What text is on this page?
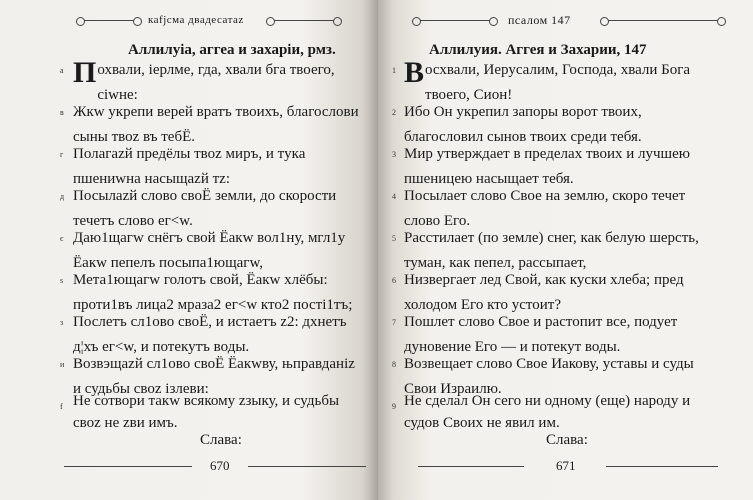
каfjсма двадесатаz
Аллилyіа, аггеа и захаріи, рмз.
а Похвали, іерлме, гда, хвали бга твоего, сіwне:
в Жкw укрепи верей вратъ твоихъ, благослови сыны твоz въ тебЁ.
г Полагazй предёлы твоz миръ, и тyка пшениwна насыщazй тz:
д Посылazй слово своЁ земли, до скорости течетъ слово ег<w.
є Даю1щагw снёгъ свой Ёакw вол1ну, мгл1у Ёакw пепелъ посыпа1ющагw,
ѕ Мета1ющагw голотъ свой, Ёакw хлёбы: проти1въ лица2 мраза2 ег<w кто2 пості1тъ;
з Послетъ сл1ово своЁ, и истаетъ z2: дхнетъ д¦хъ ег<w, и потекутъ воды.
и Возвэщazй сл1ово своЁ Ёакwву, њправданіz и судьбы своz ізлеви:
f Не сотвори такw всякому zзыку, и судьбы своz не zви имъ.
Слава:
670
псалом 147
Аллилуия. Аггея и Захарии, 147
1 Восхвали, Иерусалим, Господа, хвали Бога твоего, Сион!
2 Ибо Он укрепил запоры ворот твоих, благословил сынов твоих среди тебя.
3 Мир утверждает в пределах твоих и лучшею пшеницею насыщает тебя.
4 Посылает слово Свое на землю, скоро течет слово Его.
5 Расстилает (по земле) снег, как белую шерсть, туман, как пепел, рассыпает,
6 Низвергает лед Свой, как куски хлеба; пред холодом Его кто устоит?
7 Пошлет слово Свое и растопит все, подует дуновение Его — и потекут воды.
8 Возвещает слово Свое Иакову, уставы и суды Свои Израилю.
9 Не сделал Он сего ни одному (еще) народу и судов Своих не явил им.
Слава:
671
